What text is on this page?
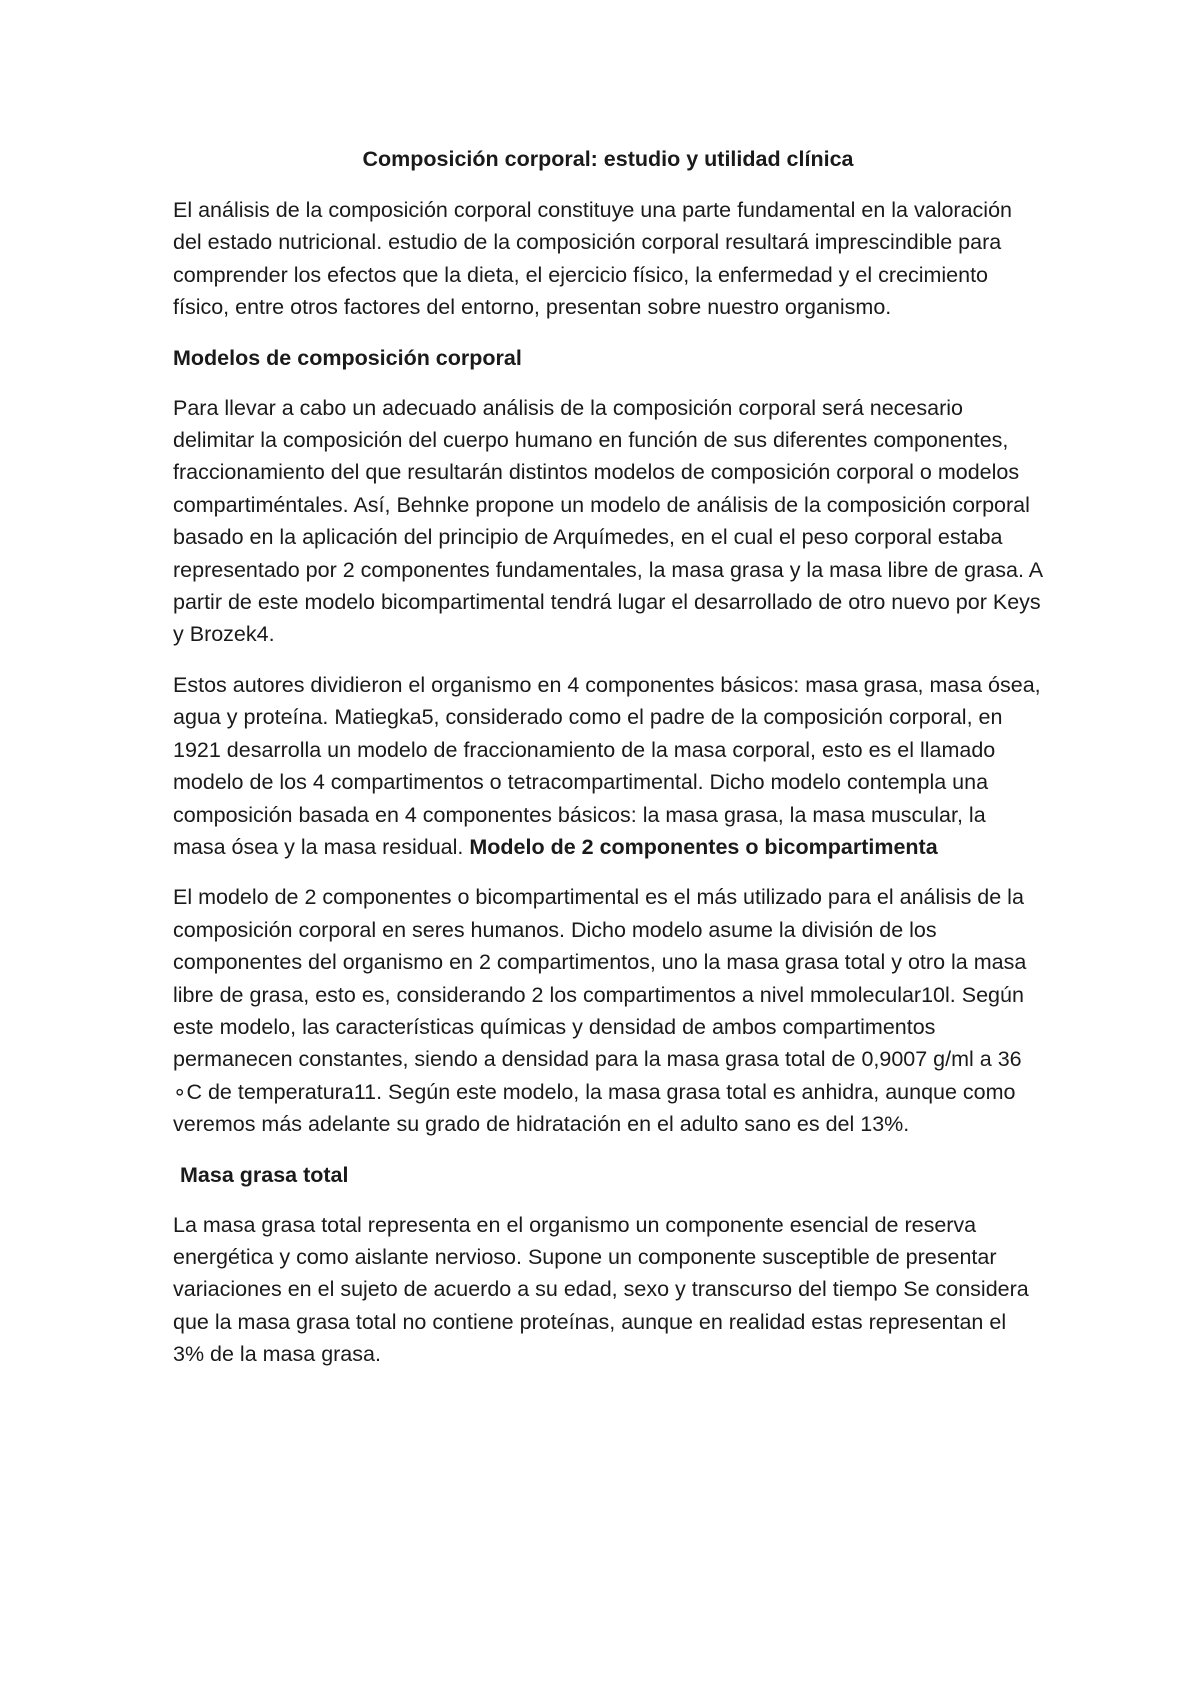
Composición corporal: estudio y utilidad clínica

El análisis de la composición corporal constituye una parte fundamental en la valoración del estado nutricional. estudio de la composición corporal resultará imprescindible para comprender los efectos que la dieta, el ejercicio físico, la enfermedad y el crecimiento físico, entre otros factores del entorno, presentan sobre nuestro organismo.

Modelos de composición corporal

Para llevar a cabo un adecuado análisis de la composición corporal será necesario delimitar la composición del cuerpo humano en función de sus diferentes componentes, fraccionamiento del que resultarán distintos modelos de composición corporal o modelos compartiméntales. Así, Behnke propone un modelo de análisis de la composición corporal basado en la aplicación del principio de Arquímedes, en el cual el peso corporal estaba representado por 2 componentes fundamentales, la masa grasa y la masa libre de grasa. A partir de este modelo bicompartimental tendrá lugar el desarrollado de otro nuevo por Keys y Brozek4.

Estos autores dividieron el organismo en 4 componentes básicos: masa grasa, masa ósea, agua y proteína. Matiegka5, considerado como el padre de la composición corporal, en 1921 desarrolla un modelo de fraccionamiento de la masa corporal, esto es el llamado modelo de los 4 compartimentos o tetracompartimental. Dicho modelo contempla una composición basada en 4 componentes básicos: la masa grasa, la masa muscular, la masa ósea y la masa residual. Modelo de 2 componentes o bicompartimenta

El modelo de 2 componentes o bicompartimental es el más utilizado para el análisis de la composición corporal en seres humanos. Dicho modelo asume la división de los componentes del organismo en 2 compartimentos, uno la masa grasa total y otro la masa libre de grasa, esto es, considerando 2 los compartimentos a nivel mmolecular10l. Según este modelo, las características químicas y densidad de ambos compartimentos permanecen constantes, siendo a densidad para la masa grasa total de 0,9007 g/ml a 36 ∘C de temperatura11. Según este modelo, la masa grasa total es anhidra, aunque como veremos más adelante su grado de hidratación en el adulto sano es del 13%.

Masa grasa total

La masa grasa total representa en el organismo un componente esencial de reserva energética y como aislante nervioso. Supone un componente susceptible de presentar variaciones en el sujeto de acuerdo a su edad, sexo y transcurso del tiempo Se considera que la masa grasa total no contiene proteínas, aunque en realidad estas representan el 3% de la masa grasa.
